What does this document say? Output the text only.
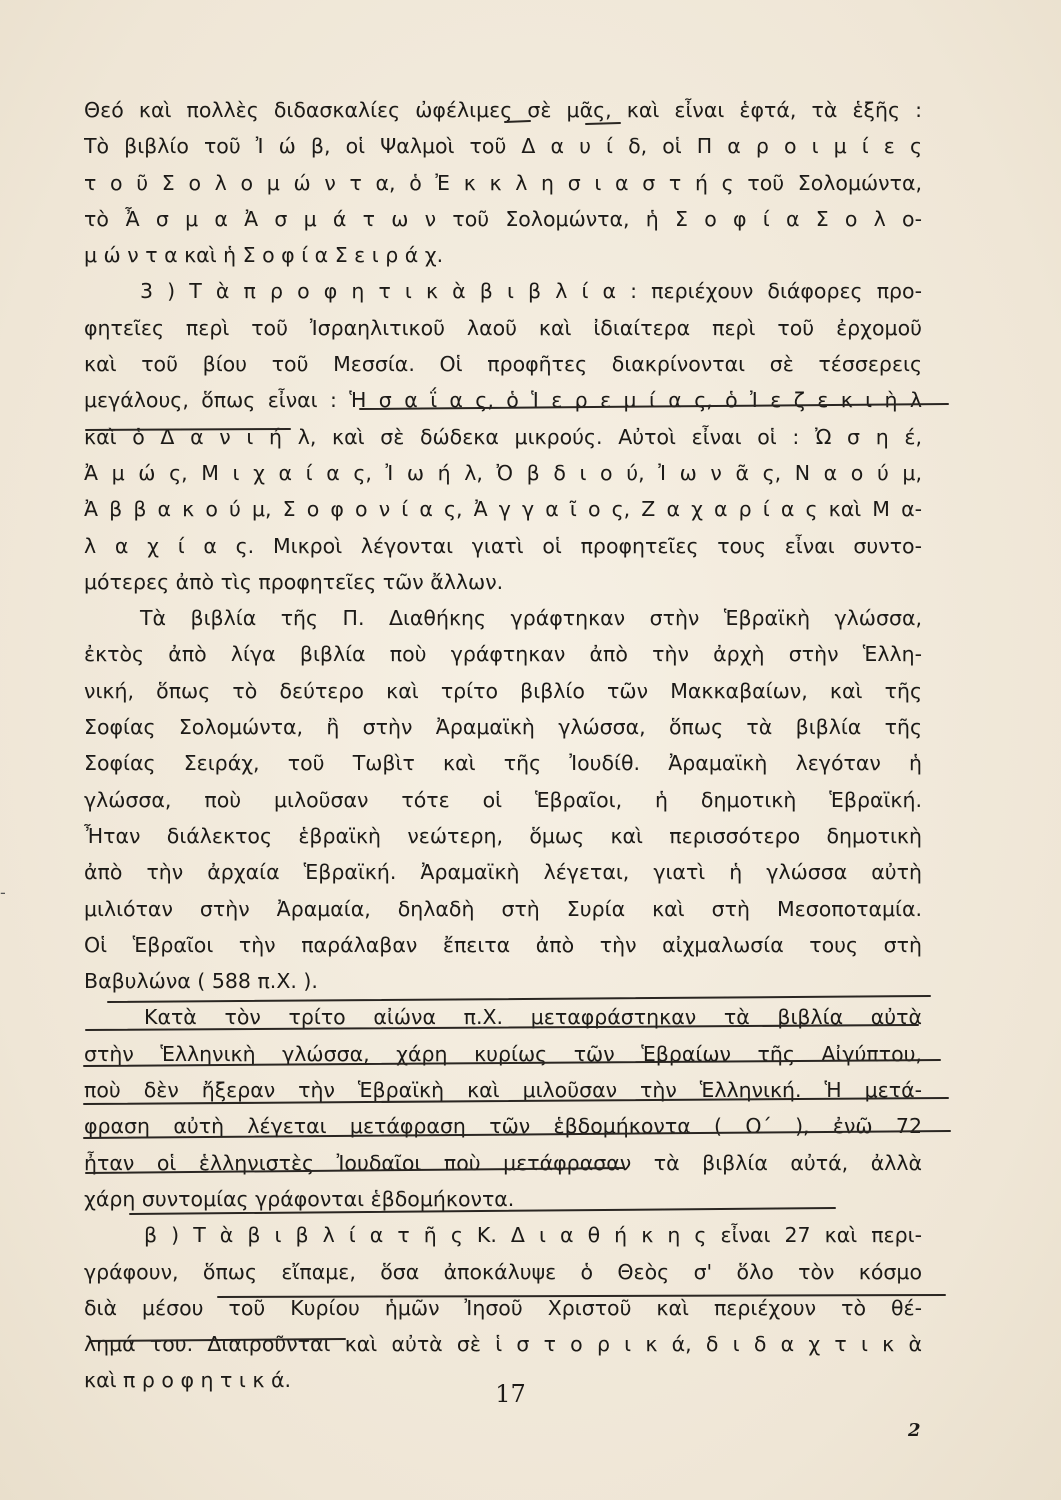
Θεό καὶ πολλὲς διδασκαλίες ὠφέλιμες σὲ μᾶς, καὶ εἶναι ἑφτά, τὰ ἑξῆς :
Τὸ βιβλίο τοῦ Ἰ ώ β, οἱ Ψαλμοὶ τοῦ Δ α υ ί δ, οἱ Π α ρ ο ι μ ί ε ς
τ ο ῦ Σ ο λ ο μ ώ ν τ α, ὁ Ἐ κ κ λ η σ ι α σ τ ή ς τοῦ Σολομώντα,
τὸ Ἆ σ μ α Ἀ σ μ ά τ ω ν τοῦ Σολομώντα, ἡ Σ ο φ ί α Σ ο λ ο-
μ ώ ν τ α καὶ ἡ Σ ο φ ί α Σ ε ι ρ ά χ.
3 ) Τ ὰ π ρ ο φ η τ ι κ ὰ β ι β λ ί α : περιέχουν διάφορες προ-
φητεῖες περὶ τοῦ Ἰσραηλιτικοῦ λαοῦ καὶ ἰδιαίτερα περὶ τοῦ ἐρχομοῦ
καὶ τοῦ βίου τοῦ Μεσσία. Οἱ προφῆτες διακρίνονται σὲ τέσσερεις
μεγάλους, ὅπως εἶναι : Ἡ σ α ΐ α ς, ὁ Ἱ ε ρ ε μ ί α ς, ὁ Ἰ ε ζ ε κ ι ὴ λ
καὶ ὁ Δ α ν ι ή λ, καὶ σὲ δώδεκα μικρούς. Αὐτοὶ εἶναι οἱ : Ὠ σ η έ,
Ἀ μ ώ ς, Μ ι χ α ί α ς, Ἰ ω ή λ, Ὀ β δ ι ο ύ, Ἰ ω ν ᾶ ς, Ν α ο ύ μ,
Ἀ β β α κ ο ύ μ, Σ ο φ ο ν ί α ς, Ἀ γ γ α ῖ ο ς, Ζ α χ α ρ ί α ς καὶ Μ α-
λ α χ ί α ς. Μικροὶ λέγονται γιατὶ οἱ προφητεῖες τους εἶναι συντο-
μότερες ἀπὸ τὶς προφητεῖες τῶν ἄλλων.
Τὰ βιβλία τῆς Π. Διαθήκης γράφτηκαν στὴν Ἑβραϊκὴ γλώσσα,
ἐκτὸς ἀπὸ λίγα βιβλία ποὺ γράφτηκαν ἀπὸ τὴν ἀρχὴ στὴν Ἑλλη-
νική, ὅπως τὸ δεύτερο καὶ τρίτο βιβλίο τῶν Μακκαβαίων, καὶ τῆς
Σοφίας Σολομώντα, ἢ στὴν Ἀραμαϊκὴ γλώσσα, ὅπως τὰ βιβλία τῆς
Σοφίας Σειράχ, τοῦ Τωβὶτ καὶ τῆς Ἰουδίθ. Ἀραμαϊκὴ λεγόταν ἡ
γλώσσα, ποὺ μιλοῦσαν τότε οἱ Ἑβραῖοι, ἡ δημοτικὴ Ἑβραϊκή.
Ἦταν διάλεκτος ἑβραϊκὴ νεώτερη, ὅμως καὶ περισσότερο δημοτικὴ
ἀπὸ τὴν ἀρχαία Ἑβραϊκή. Ἀραμαϊκὴ λέγεται, γιατὶ ἡ γλώσσα αὐτὴ
μιλιόταν στὴν Ἀραμαία, δηλαδὴ στὴ Συρία καὶ στὴ Μεσοποταμία.
Οἱ Ἑβραῖοι τὴν παράλαβαν ἔπειτα ἀπὸ τὴν αἰχμαλωσία τους στὴ
Βαβυλώνα ( 588 π.Χ. ).
Κατὰ τὸν τρίτο αἰώνα π.Χ. μεταφράστηκαν τὰ βιβλία αὐτὰ
στὴν Ἑλληνικὴ γλώσσα, χάρη κυρίως τῶν Ἑβραίων τῆς Αἰγύπτου,
ποὺ δὲν ἤξεραν τὴν Ἑβραϊκὴ καὶ μιλοῦσαν τὴν Ἑλληνική. Ἡ μετά-
φραση αὐτὴ λέγεται μετάφραση τῶν ἑβδομήκοντα ( Ο΄ ), ἐνῶ 72
ἦταν οἱ ἑλληνιστὲς Ἰουδαῖοι ποὺ μετάφρασαν τὰ βιβλία αὐτά, ἀλλὰ
χάρη συντομίας γράφονται ἑβδομήκοντα.
β ) Τ ὰ β ι β λ ί α τ ῆ ς Κ. Δ ι α θ ή κ η ς εἶναι 27 καὶ περι-
γράφουν, ὅπως εἴπαμε, ὅσα ἀποκάλυψε ὁ Θεὸς σ' ὅλο τὸν κόσμο
διὰ μέσου τοῦ Κυρίου ἡμῶν Ἰησοῦ Χριστοῦ καὶ περιέχουν τὸ θέ-
λημά του. Διαιροῦνται καὶ αὐτὰ σὲ ἱ σ τ ο ρ ι κ ά, δ ι δ α χ τ ι κ ὰ
καὶ π ρ ο φ η τ ι κ ά.
-
17
2
